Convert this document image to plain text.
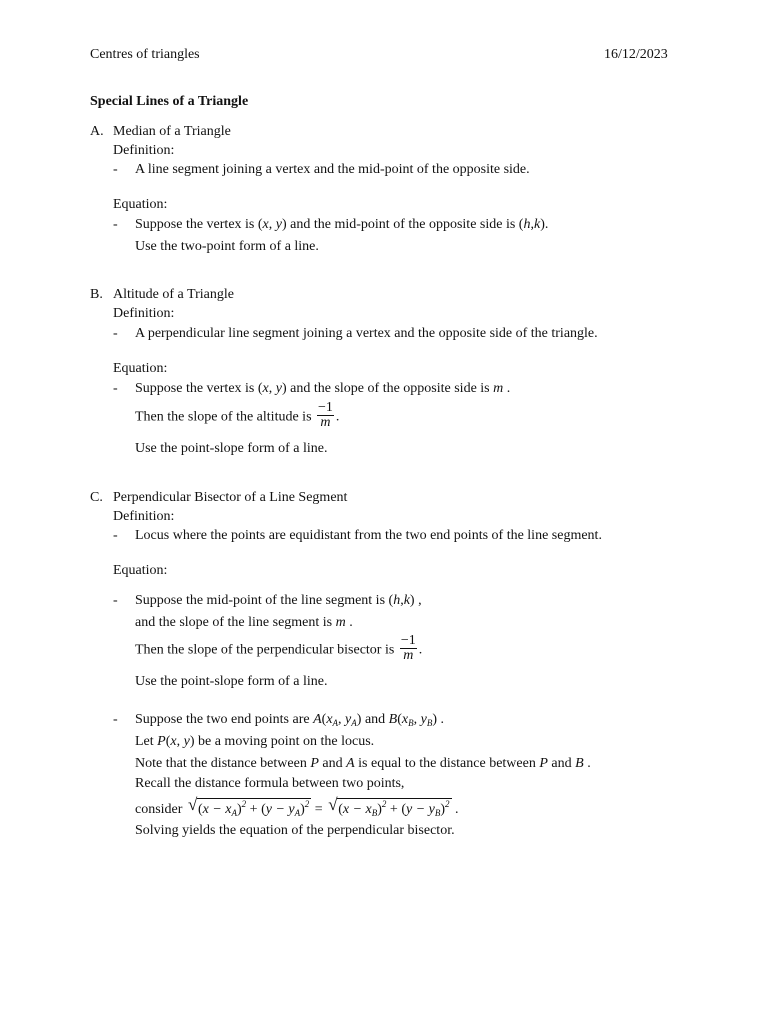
Centres of triangles	16/12/2023
Special Lines of a Triangle
A. Median of a Triangle
Definition:
- A line segment joining a vertex and the mid-point of the opposite side.
Equation:
- Suppose the vertex is (x, y) and the mid-point of the opposite side is (h,k).
Use the two-point form of a line.
B. Altitude of a Triangle
Definition:
- A perpendicular line segment joining a vertex and the opposite side of the triangle.
Equation:
- Suppose the vertex is (x, y) and the slope of the opposite side is m .
Then the slope of the altitude is $\frac{-1}{m}$ .
Use the point-slope form of a line.
C. Perpendicular Bisector of a Line Segment
Definition:
- Locus where the points are equidistant from the two end points of the line segment.
Equation:
- Suppose the mid-point of the line segment is (h,k) ,
and the slope of the line segment is m .
Then the slope of the perpendicular bisector is $\frac{-1}{m}$ .
Use the point-slope form of a line.
- Suppose the two end points are $A(x_A$, $y_A$) and $B(x_B$, $y_B$) .
Let P(x, y) be a moving point on the locus.
Note that the distance between P and A is equal to the distance between P and B .
Recall the distance formula between two points,
consider √ $(x - x_A)^2 + (y - y_A)^2$ = √ $(x - x_B)^2 + (y - y_B)^2$ .
Solving yields the equation of the perpendicular bisector.
